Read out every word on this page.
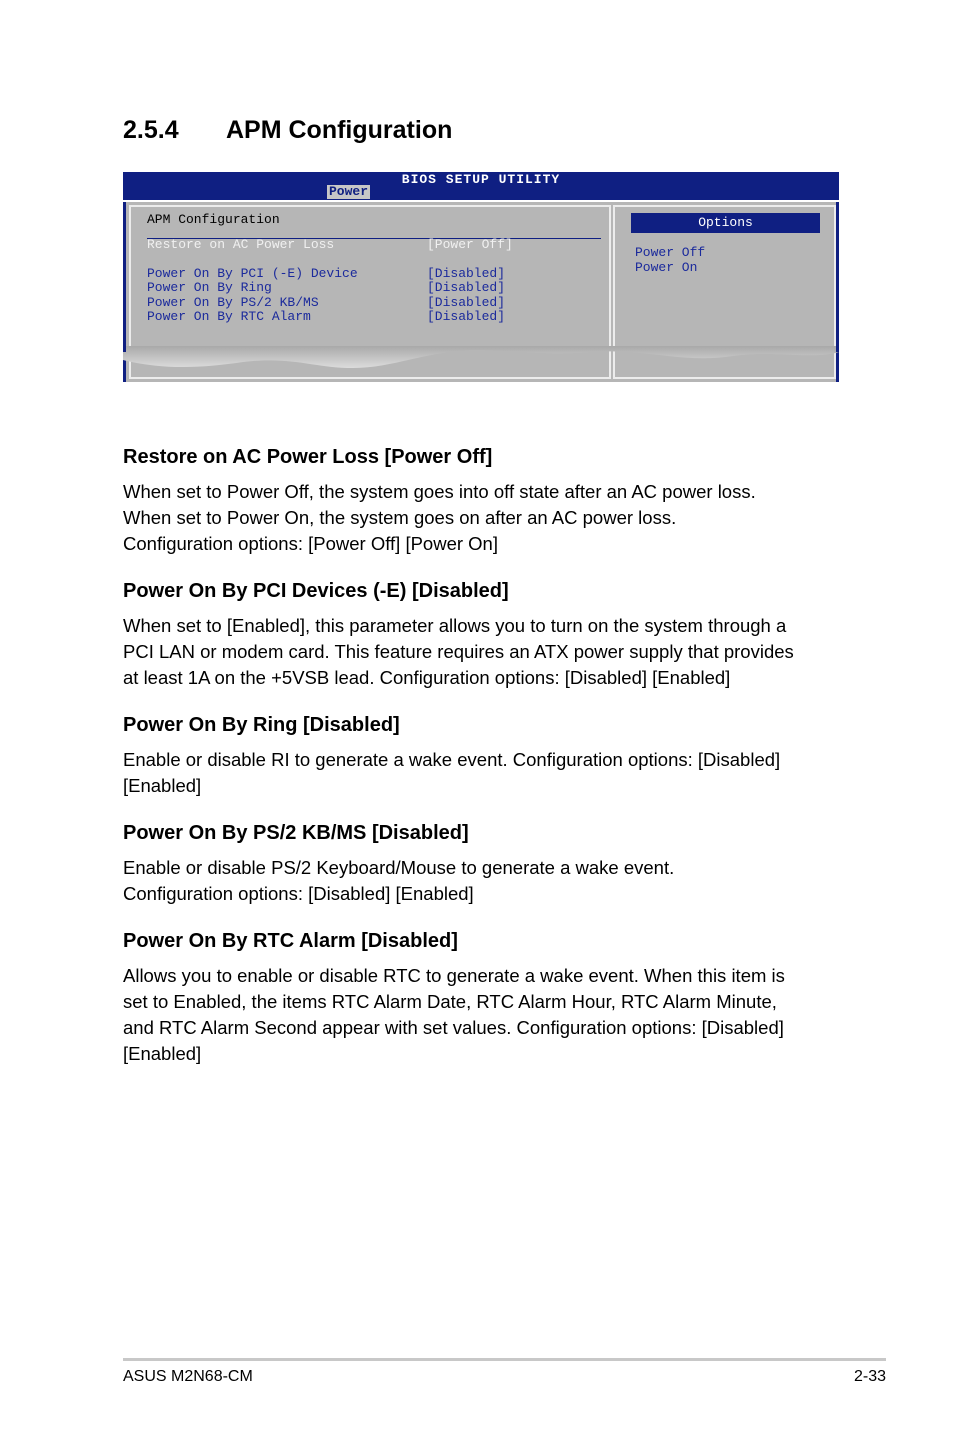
2.5.4 APM Configuration
BIOS SETUP UTILITY
Power
APM Configuration
Restore on AC Power Loss	[Power Off]
Power On By PCI (-E) Device	[Disabled]
Power On By Ring	[Disabled]
Power On By PS/2 KB/MS	[Disabled]
Power On By RTC Alarm	[Disabled]
Options
Power Off
Power On
Restore on AC Power Loss [Power Off]

When set to Power Off, the system goes into off state after an AC power loss.
When set to Power On, the system goes on after an AC power loss.
Configuration options: [Power Off] [Power On]

Power On By PCI Devices (-E) [Disabled]

When set to [Enabled], this parameter allows you to turn on the system through a
PCI LAN or modem card. This feature requires an ATX power supply that provides
at least 1A on the +5VSB lead. Configuration options: [Disabled] [Enabled]

Power On By Ring [Disabled]

Enable or disable RI to generate a wake event. Configuration options: [Disabled]
[Enabled]

Power On By PS/2 KB/MS [Disabled]

Enable or disable PS/2 Keyboard/Mouse to generate a wake event.
Configuration options: [Disabled] [Enabled]

Power On By RTC Alarm [Disabled]

Allows you to enable or disable RTC to generate a wake event. When this item is
set to Enabled, the items RTC Alarm Date, RTC Alarm Hour, RTC Alarm Minute,
and RTC Alarm Second appear with set values. Configuration options: [Disabled]
[Enabled]

ASUS M2N68-CM	2-33
